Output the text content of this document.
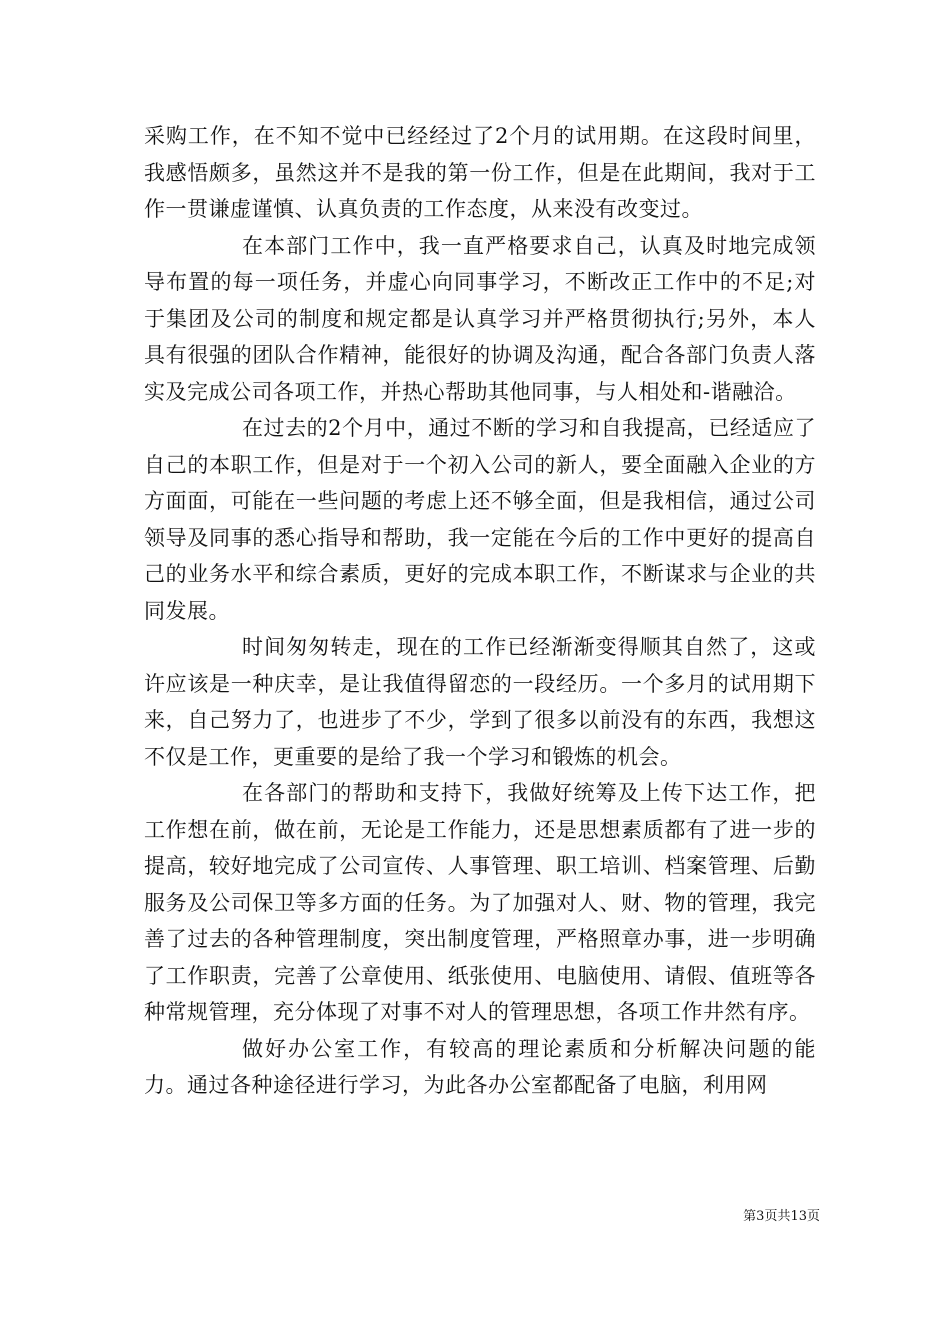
采购工作，在不知不觉中已经经过了2个月的试用期。在这段时间里，我感悟颇多，虽然这并不是我的第一份工作，但是在此期间，我对于工作一贯谦虚谨慎、认真负责的工作态度，从来没有改变过。

在本部门工作中，我一直严格要求自己，认真及时地完成领导布置的每一项任务，并虚心向同事学习，不断改正工作中的不足;对于集团及公司的制度和规定都是认真学习并严格贯彻执行;另外，本人具有很强的团队合作精神，能很好的协调及沟通，配合各部门负责人落实及完成公司各项工作，并热心帮助其他同事，与人相处和-谐融洽。

在过去的2个月中，通过不断的学习和自我提高，已经适应了自己的本职工作，但是对于一个初入公司的新人，要全面融入企业的方方面面，可能在一些问题的考虑上还不够全面，但是我相信，通过公司领导及同事的悉心指导和帮助，我一定能在今后的工作中更好的提高自己的业务水平和综合素质，更好的完成本职工作，不断谋求与企业的共同发展。

时间匆匆转走，现在的工作已经渐渐变得顺其自然了，这或许应该是一种庆幸，是让我值得留恋的一段经历。一个多月的试用期下来，自己努力了，也进步了不少，学到了很多以前没有的东西，我想这不仅是工作，更重要的是给了我一个学习和锻炼的机会。

在各部门的帮助和支持下，我做好统筹及上传下达工作，把工作想在前，做在前，无论是工作能力，还是思想素质都有了进一步的提高，较好地完成了公司宣传、人事管理、职工培训、档案管理、后勤服务及公司保卫等多方面的任务。为了加强对人、财、物的管理，我完善了过去的各种管理制度，突出制度管理，严格照章办事，进一步明确了工作职责，完善了公章使用、纸张使用、电脑使用、请假、值班等各种常规管理，充分体现了对事不对人的管理思想，各项工作井然有序。

做好办公室工作，有较高的理论素质和分析解决问题的能力。通过各种途径进行学习，为此各办公室都配备了电脑，利用网

第3页共13页
